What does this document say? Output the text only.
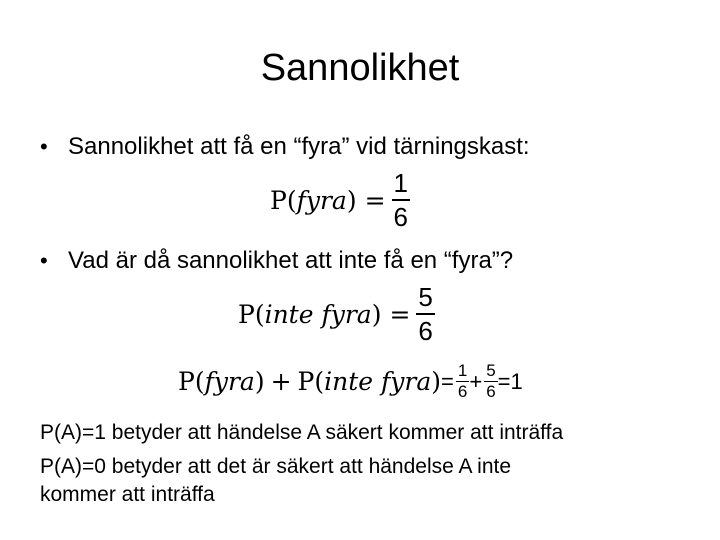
Sannolikhet
• Sannolikhet att få en “fyra” vid tärningskast:
P( fyra ) = $\frac{1}{6}$
• Vad är då sannolikhet att inte få en “fyra”?
P( inte fyra ) = $\frac{5}{6}$
P( fyra ) + P( inte fyra ) = $\frac{1}{6} + \frac{5}{6} =1$
P(A)=1 betyder att händelse A säkert kommer att inträffa
P(A)=0 betyder att det är säkert att händelse A inte
kommer att inträffa
